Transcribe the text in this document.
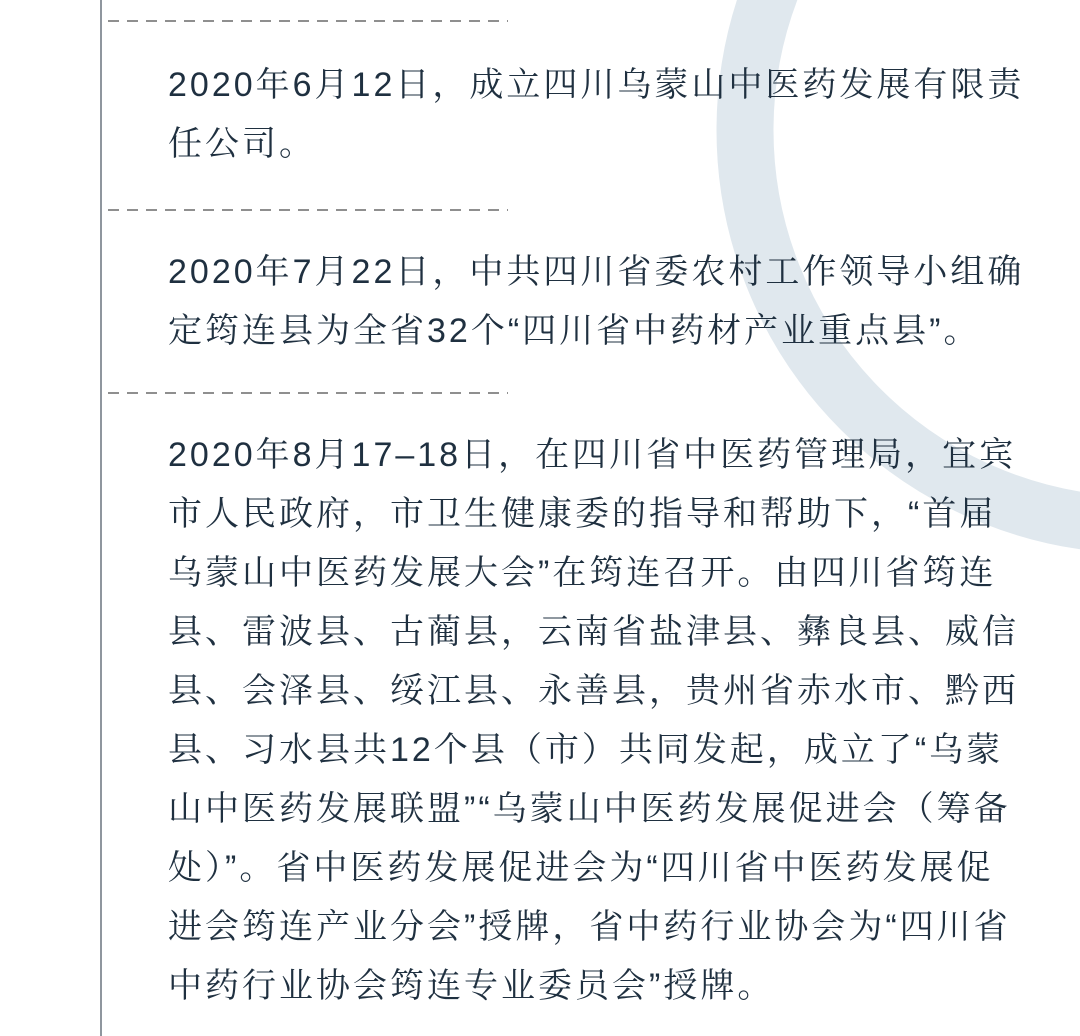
2020年6月12日，成立四川乌蒙山中医药发展有限责
任公司。
2020年7月22日，中共四川省委农村工作领导小组确
定筠连县为全省32个“四川省中药材产业重点县”。
2020年8月17–18日，在四川省中医药管理局，宜宾
市人民政府，市卫生健康委的指导和帮助下，“首届
乌蒙山中医药发展大会”在筠连召开。由四川省筠连
县、雷波县、古蔺县，云南省盐津县、彝良县、威信
县、会泽县、绥江县、永善县，贵州省赤水市、黔西
县、习水县共12个县（市）共同发起，成立了“乌蒙
山中医药发展联盟”“乌蒙山中医药发展促进会（筹备
处）”。省中医药发展促进会为“四川省中医药发展促
进会筠连产业分会”授牌，省中药行业协会为“四川省
中药行业协会筠连专业委员会”授牌。
